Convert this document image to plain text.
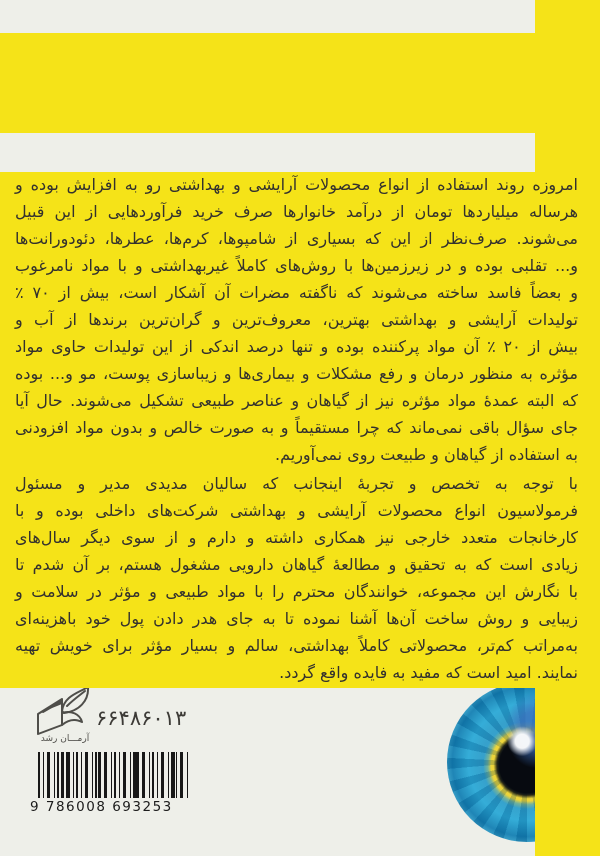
امروزه روند استفاده از انواع محصولات آرایشی و بهداشتی رو به افزایش بوده و
هرساله میلیاردها تومان از درآمد خانوارها صرف خرید فرآوردهایی از این قبیل
می‌شوند. صرف‌نظر از این که بسیاری از شامپوها، کرم‌ها، عطرها، دئودورانت‌ها
و... تقلبی بوده و در زیرزمین‌ها با روش‌های کاملاً غیربهداشتی و با مواد نامرغوب
و بعضاً فاسد ساخته می‌شوند که ناگفته مضرات آن آشکار است، بیش از ۷۰ ٪
تولیدات آرایشی و بهداشتی بهترین، معروف‌ترین و گران‌ترین برندها از آب و
بیش از ۲۰ ٪ آن مواد پرکننده بوده و تنها درصد اندکی از این تولیدات حاوی مواد
مؤثره به منظور درمان و رفع مشکلات و بیماری‌ها و زیباسازی پوست، مو و... بوده
که البته عمدهٔ مواد مؤثره نیز از گیاهان و عناصر طبیعی تشکیل می‌شوند. حال آیا
جای سؤال باقی نمی‌ماند که چرا مستقیماً و به صورت خالص و بدون مواد افزودنی
به استفاده از گیاهان و طبیعت روی نمی‌آوریم.
با توجه به تخصص و تجربهٔ اینجانب که سالیان مدیدی مدیر و مسئول
فرمولاسیون انواع محصولات آرایشی و بهداشتی شرکت‌های داخلی بوده و با
کارخانجات متعدد خارجی نیز همکاری داشته و دارم و از سوی دیگر سال‌های
زیادی است که به تحقیق و مطالعهٔ گیاهان دارویی مشغول هستم، بر آن شدم تا
با نگارش این مجموعه، خوانندگان محترم را با مواد طبیعی و مؤثر در سلامت و
زیبایی و روش ساخت آن‌ها آشنا نموده تا به جای هدر دادن پول خود باهزینه‌ای
به‌مراتب کم‌تر، محصولاتی کاملاً بهداشتی، سالم و بسیار مؤثر برای خویش تهیه
نمایند. امید است که مفید به فایده واقع گردد.
آرمـــان رشد
۶۶۴۸۶۰۱۳
9 786008 693253
